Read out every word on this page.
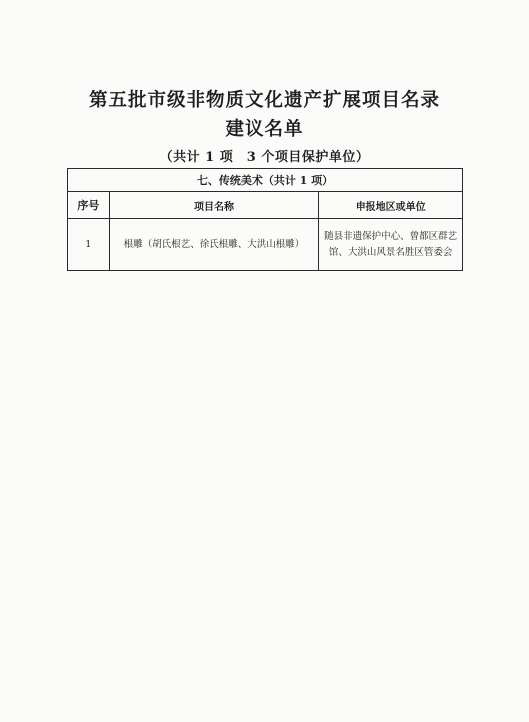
第五批市级非物质文化遗产扩展项目名录
建议名单
（共计 1 项　3 个项目保护单位）
七、传统美术（共计 1 项）		
序号	项目名称	申报地区或单位
1	根雕（胡氏根艺、徐氏根雕、大洪山根雕）	随县非遗保护中心、曾都区群艺馆、大洪山风景名胜区管委会
